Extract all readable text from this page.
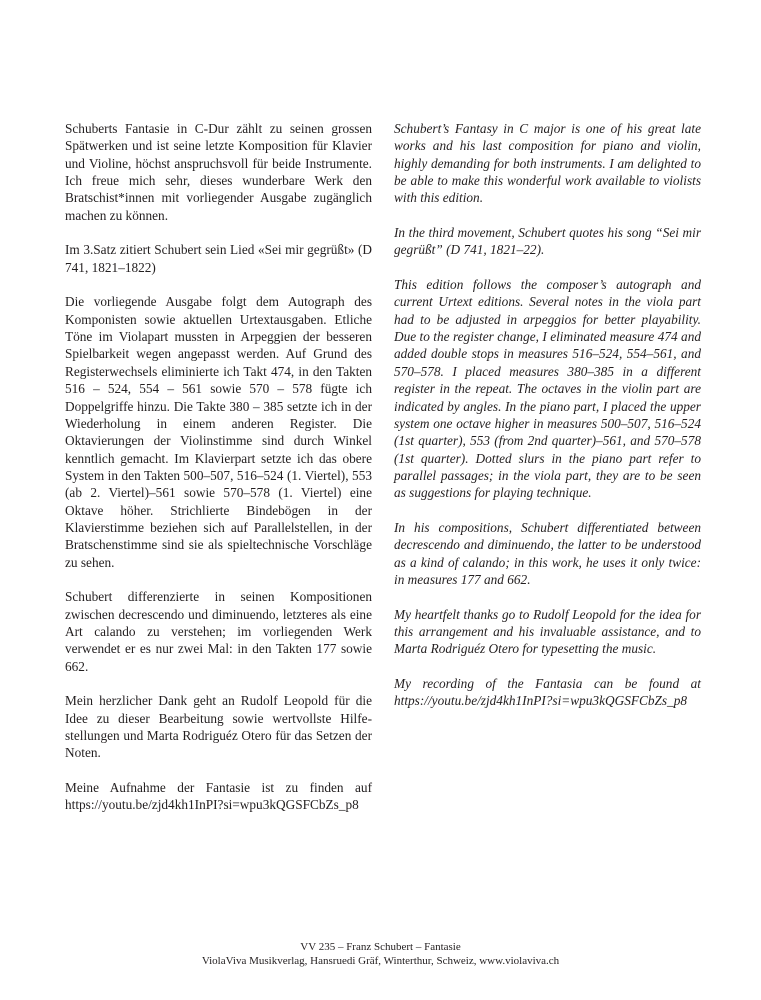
Schuberts Fantasie in C-Dur zählt zu seinen grossen Spätwerken und ist seine letzte Komposition für Klavier und Violine, höchst anspruchsvoll für beide Instrumente. Ich freue mich sehr, dieses wunderbare Werk den Bratschist*innen mit vorliegender Ausgabe zugänglich machen zu können.

Im 3.Satz zitiert Schubert sein Lied «Sei mir gegrüßt» (D 741, 1821–1822)

Die vorliegende Ausgabe folgt dem Autograph des Komponisten sowie aktuellen Urtextausgaben. Etliche Töne im Violapart mussten in Arpeggien der besseren Spielbarkeit wegen angepasst werden. Auf Grund des Registerwechsels eliminierte ich Takt 474, in den Takten 516 – 524, 554 – 561 sowie 570 – 578 fügte ich Doppelgriffe hinzu. Die Takte 380 – 385 setzte ich in der Wiederholung in einem anderen Register. Die Oktavierungen der Violinstimme sind durch Winkel kenntlich gemacht. Im Klavierpart setzte ich das obere System in den Takten 500–507, 516–524 (1. Viertel), 553 (ab 2. Viertel)–561 sowie 570–578 (1. Viertel) eine Oktave höher. Strichlierte Bindebögen in der Klavierstimme beziehen sich auf Parallelstellen, in der Bratschenstimme sind sie als spieltechnische Vorschläge zu sehen.

Schubert differenzierte in seinen Kompositionen zwischen decrescendo und diminuendo, letzteres als eine Art calando zu verstehen; im vorliegenden Werk verwendet er es nur zwei Mal: in den Takten 177 sowie 662.

Mein herzlicher Dank geht an Rudolf Leopold für die Idee zu dieser Bearbeitung sowie wertvollste Hilfestellungen und Marta Rodriguéz Otero für das Setzen der Noten.

Meine Aufnahme der Fantasie ist zu finden auf https://youtu.be/zjd4kh1InPI?si=wpu3kQGSFCbZs_p8

Schubert’s Fantasy in C major is one of his great late works and his last composition for piano and violin, highly demanding for both instruments. I am delighted to be able to make this wonderful work available to violists with this edition.

In the third movement, Schubert quotes his song “Sei mir gegrüßt” (D 741, 1821–22).

This edition follows the composer’s autograph and current Urtext editions. Several notes in the viola part had to be adjusted in arpeggios for better playability. Due to the register change, I eliminated measure 474 and added double stops in measures 516–524, 554–561, and 570–578. I placed measures 380–385 in a different register in the repeat. The octaves in the violin part are indicated by angles. In the piano part, I placed the upper system one octave higher in measures 500–507, 516–524 (1st quarter), 553 (from 2nd quarter)–561, and 570–578 (1st quarter). Dotted slurs in the piano part refer to parallel passages; in the viola part, they are to be seen as suggestions for playing technique.

In his compositions, Schubert differentiated between decrescendo and diminuendo, the latter to be understood as a kind of calando; in this work, he uses it only twice: in measures 177 and 662.

My heartfelt thanks go to Rudolf Leopold for the idea for this arrangement and his invaluable assistance, and to Marta Rodriguéz Otero for typesetting the music.

My recording of the Fantasia can be found at https://youtu.be/zjd4kh1InPI?si=wpu3kQGSFCbZs_p8

VV 235 – Franz Schubert – Fantasie
ViolaViva Musikverlag, Hansruedi Gräf, Winterthur, Schweiz, www.violaviva.ch
